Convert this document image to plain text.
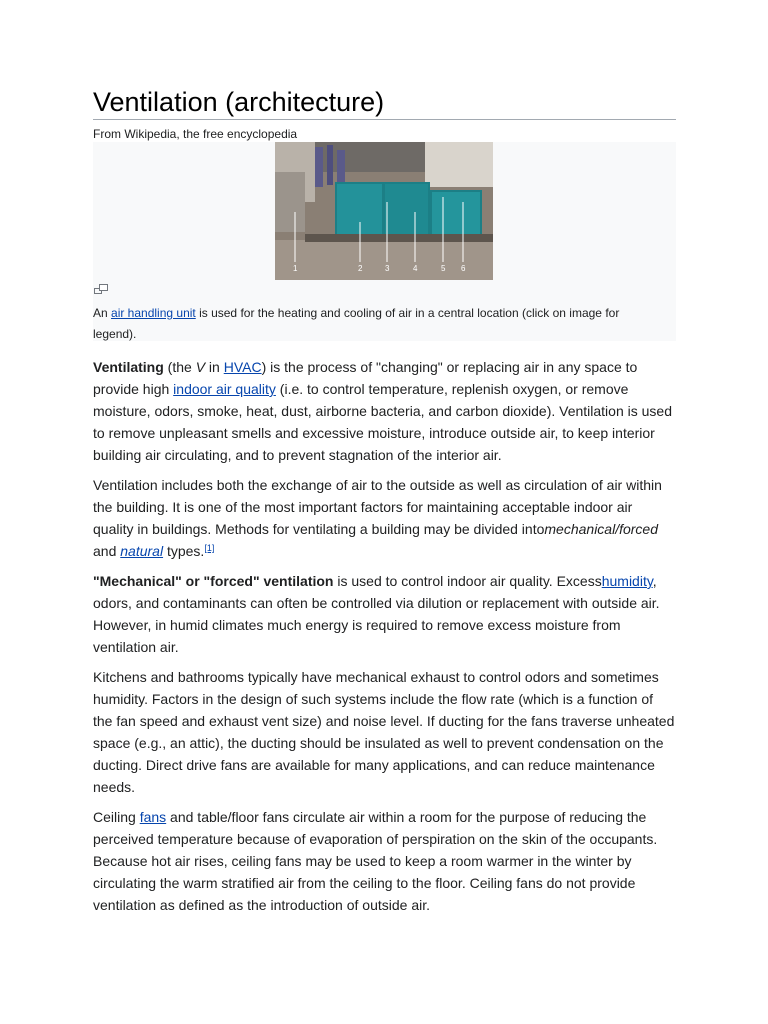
Ventilation (architecture)
From Wikipedia, the free encyclopedia
1	2	3	4	5 6

An air handling unit is used for the heating and cooling of air in a central location (click on image for legend).

Ventilating (the V in HVAC) is the process of "changing" or replacing air in any space to provide high indoor air quality (i.e. to control temperature, replenish oxygen, or remove moisture, odors, smoke, heat, dust, airborne bacteria, and carbon dioxide). Ventilation is used to remove unpleasant smells and excessive moisture, introduce outside air, to keep interior building air circulating, and to prevent stagnation of the interior air.

Ventilation includes both the exchange of air to the outside as well as circulation of air within the building. It is one of the most important factors for maintaining acceptable indoor air quality in buildings. Methods for ventilating a building may be divided intomechanical/forced and natural types.[1]

"Mechanical" or "forced" ventilation is used to control indoor air quality. Excesshumidity, odors, and contaminants can often be controlled via dilution or replacement with outside air. However, in humid climates much energy is required to remove excess moisture from ventilation air.

Kitchens and bathrooms typically have mechanical exhaust to control odors and sometimes humidity. Factors in the design of such systems include the flow rate (which is a function of the fan speed and exhaust vent size) and noise level. If ducting for the fans traverse unheated space (e.g., an attic), the ducting should be insulated as well to prevent condensation on the ducting. Direct drive fans are available for many applications, and can reduce maintenance needs.

Ceiling fans and table/floor fans circulate air within a room for the purpose of reducing the perceived temperature because of evaporation of perspiration on the skin of the occupants. Because hot air rises, ceiling fans may be used to keep a room warmer in the winter by circulating the warm stratified air from the ceiling to the floor. Ceiling fans do not provide ventilation as defined as the introduction of outside air.
